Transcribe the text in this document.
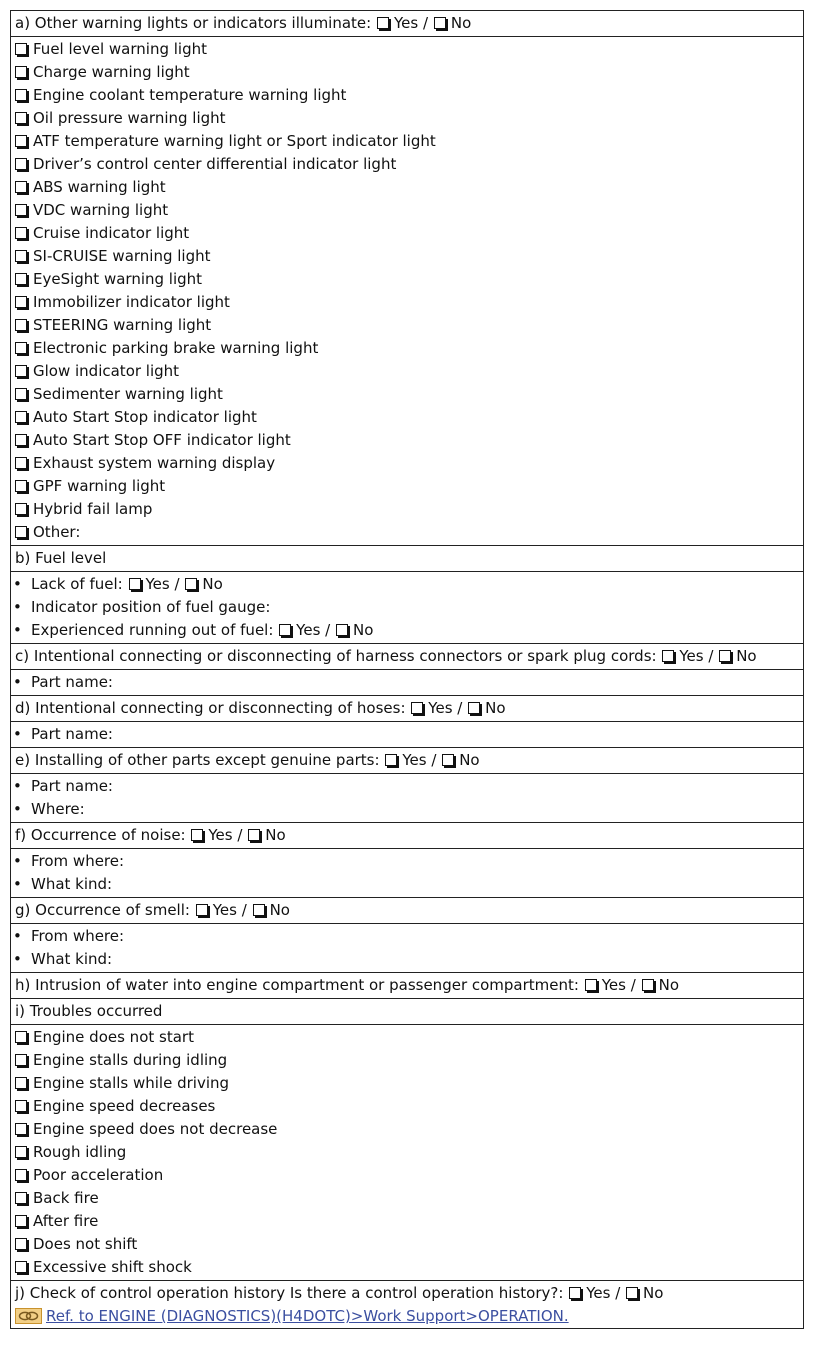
a) Other warning lights or indicators illuminate: Yes / No

Fuel level warning light
Charge warning light
Engine coolant temperature warning light
Oil pressure warning light
ATF temperature warning light or Sport indicator light
Driver’s control center differential indicator light
ABS warning light
VDC warning light
Cruise indicator light
SI-CRUISE warning light
EyeSight warning light
Immobilizer indicator light
STEERING warning light
Electronic parking brake warning light
Glow indicator light
Sedimenter warning light
Auto Start Stop indicator light
Auto Start Stop OFF indicator light
Exhaust system warning display
GPF warning light
Hybrid fail lamp
Other:

b) Fuel level

• Lack of fuel: Yes / No
• Indicator position of fuel gauge:
• Experienced running out of fuel: Yes / No

c) Intentional connecting or disconnecting of harness connectors or spark plug cords: Yes / No

• Part name:

d) Intentional connecting or disconnecting of hoses: Yes / No

• Part name:

e) Installing of other parts except genuine parts: Yes / No

• Part name:
• Where:

f) Occurrence of noise: Yes / No

• From where:
• What kind:

g) Occurrence of smell: Yes / No

• From where:
• What kind:

h) Intrusion of water into engine compartment or passenger compartment: Yes / No
i) Troubles occurred

Engine does not start
Engine stalls during idling
Engine stalls while driving
Engine speed decreases
Engine speed does not decrease
Rough idling
Poor acceleration
Back fire
After fire
Does not shift
Excessive shift shock

j) Check of control operation history Is there a control operation history?: Yes / No
Ref. to ENGINE (DIAGNOSTICS)(H4DOTC)>Work Support>OPERATION.
